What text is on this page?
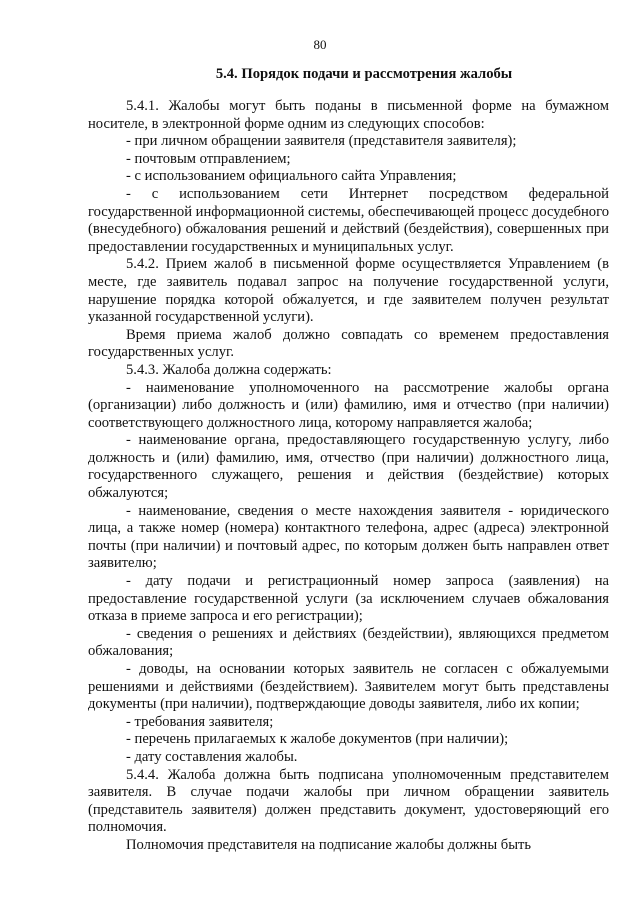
80
5.4. Порядок подачи и рассмотрения жалобы

5.4.1. Жалобы могут быть поданы в письменной форме на бумажном носителе, в электронной форме одним из следующих способов:

- при личном обращении заявителя (представителя заявителя);

- почтовым отправлением;

- с использованием официального сайта Управления;

- с использованием сети Интернет посредством федеральной государственной информационной системы, обеспечивающей процесс досудебного (внесудебного) обжалования решений и действий (бездействия), совершенных при предоставлении государственных и муниципальных услуг.

5.4.2. Прием жалоб в письменной форме осуществляется Управлением (в месте, где заявитель подавал запрос на получение государственной услуги, нарушение порядка которой обжалуется, и где заявителем получен результат указанной государственной услуги).

Время приема жалоб должно совпадать со временем предоставления государственных услуг.

5.4.3. Жалоба должна содержать:

- наименование уполномоченного на рассмотрение жалобы органа (организации) либо должность и (или) фамилию, имя и отчество (при наличии) соответствующего должностного лица, которому направляется жалоба;

- наименование органа, предоставляющего государственную услугу, либо должность и (или) фамилию, имя, отчество (при наличии) должностного лица, государственного служащего, решения и действия (бездействие) которых обжалуются;

- наименование, сведения о месте нахождения заявителя - юридического лица, а также номер (номера) контактного телефона, адрес (адреса) электронной почты (при наличии) и почтовый адрес, по которым должен быть направлен ответ заявителю;

- дату подачи и регистрационный номер запроса (заявления) на предоставление государственной услуги (за исключением случаев обжалования отказа в приеме запроса и его регистрации);

- сведения о решениях и действиях (бездействии), являющихся предметом обжалования;

- доводы, на основании которых заявитель не согласен с обжалуемыми решениями и действиями (бездействием). Заявителем могут быть представлены документы (при наличии), подтверждающие доводы заявителя, либо их копии;

- требования заявителя;

- перечень прилагаемых к жалобе документов (при наличии);

- дату составления жалобы.

5.4.4. Жалоба должна быть подписана уполномоченным представителем заявителя. В случае подачи жалобы при личном обращении заявитель (представитель заявителя) должен представить документ, удостоверяющий его полномочия.

Полномочия представителя на подписание жалобы должны быть
